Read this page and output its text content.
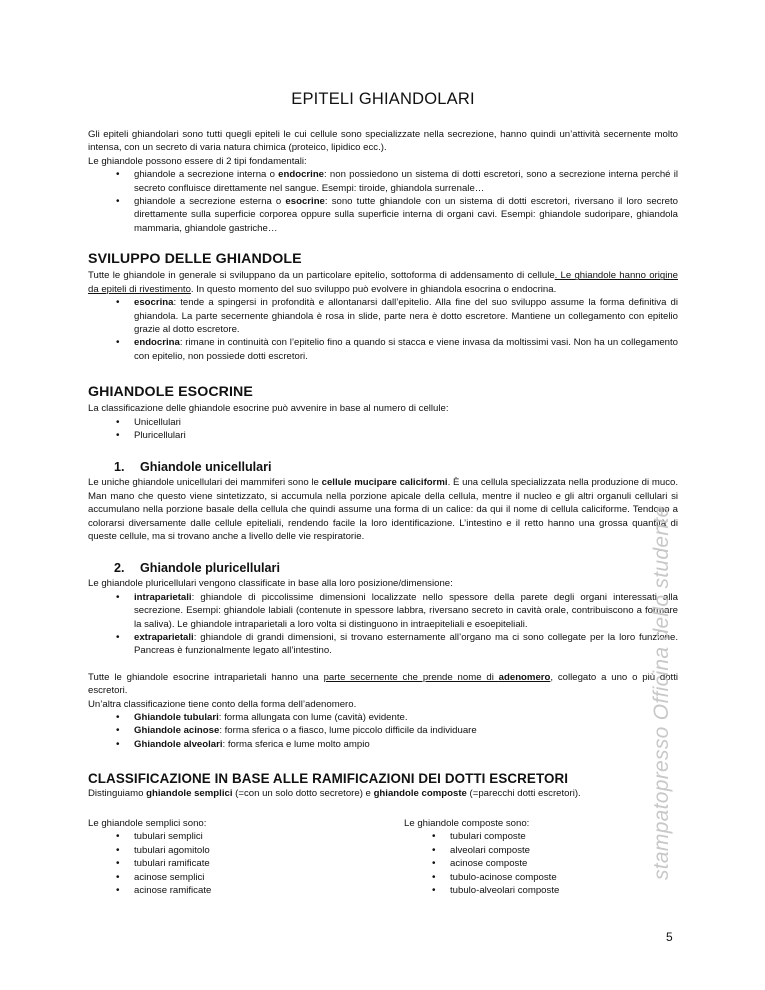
EPITELI GHIANDOLARI

Gli epiteli ghiandolari sono tutti quegli epiteli le cui cellule sono specializzate nella secrezione, hanno quindi un’attività secernente molto intensa, con un secreto di varia natura chimica (proteico, lipidico ecc.).

Le ghiandole possono essere di 2 tipi fondamentali:

• ghiandole a secrezione interna o endocrine: non possiedono un sistema di dotti escretori, sono a secrezione interna perché il secreto confluisce direttamente nel sangue. Esempi: tiroide, ghiandola surrenale…
• ghiandole a secrezione esterna o esocrine: sono tutte ghiandole con un sistema di dotti escretori, riversano il loro secreto direttamente sulla superficie corporea oppure sulla superficie interna di organi cavi. Esempi: ghiandole sudoripare, ghiandola mammaria, ghiandole gastriche…
SVILUPPO DELLE GHIANDOLE

Tutte le ghiandole in generale si sviluppano da un particolare epitelio, sottoforma di addensamento di cellule. Le ghiandole hanno origine da epiteli di rivestimento. In questo momento del suo sviluppo può evolvere in ghiandola esocrina o endocrina.

• esocrina: tende a spingersi in profondità e allontanarsi dall’epitelio. Alla fine del suo sviluppo assume la forma definitiva di ghiandola. La parte secernente ghiandola è rosa in slide, parte nera è dotto escretore. Mantiene un collegamento con epitelio grazie al dotto escretore.
• endocrina: rimane in continuità con l’epitelio fino a quando si stacca e viene invasa da moltissimi vasi. Non ha un collegamento con epitelio, non possiede dotti escretori.
GHIANDOLE ESOCRINE

La classificazione delle ghiandole esocrine può avvenire in base al numero di cellule:

• Unicellulari
• Pluricellulari
1. Ghiandole unicellulari

Le uniche ghiandole unicellulari dei mammiferi sono le cellule mucipare caliciformi. È una cellula specializzata nella produzione di muco. Man mano che questo viene sintetizzato, si accumula nella porzione apicale della cellula, mentre il nucleo e gli altri organuli cellulari si accumulano nella porzione basale della cellula che quindi assume una forma di un calice: da qui il nome di cellula caliciforme. Tendono a colorarsi diversamente dalle cellule epiteliali, rendendo facile la loro identificazione. L’intestino e il retto hanno una grossa quantità di queste cellule, ma si trovano anche a livello delle vie respiratorie.

2. Ghiandole pluricellulari

Le ghiandole pluricellulari vengono classificate in base alla loro posizione/dimensione:

• intraparietali: ghiandole di piccolissime dimensioni localizzate nello spessore della parete degli organi interessati alla secrezione. Esempi: ghiandole labiali (contenute in spessore labbra, riversano secreto in cavità orale, contribuiscono a formare la saliva). Le ghiandole intraparietali a loro volta si distinguono in intraepiteliali e esoepiteliali.
• extraparietali: ghiandole di grandi dimensioni, si trovano esternamente all’organo ma ci sono collegate per la loro funzione. Pancreas è funzionalmente legato all’intestino.

Tutte le ghiandole esocrine intraparietali hanno una parte secernente che prende nome di adenomero, collegato a uno o più dotti escretori.

Un’altra classificazione tiene conto della forma dell’adenomero.

• Ghiandole tubulari: forma allungata con lume (cavità) evidente.
• Ghiandole acinose: forma sferica o a fiasco, lume piccolo difficile da individuare
• Ghiandole alveolari: forma sferica e lume molto ampio
CLASSIFICAZIONE IN BASE ALLE RAMIFICAZIONI DEI DOTTI ESCRETORI

Distinguiamo ghiandole semplici (=con un solo dotto secretore) e ghiandole composte (=parecchi dotti escretori).

Le ghiandole semplici sono:

• tubulari semplici
• tubulari agomitolo
• tubulari ramificate
• acinose semplici
• acinose ramificate

Le ghiandole composte sono:

• tubulari composte
• alveolari composte
• acinose composte
• tubulo-acinose composte
• tubulo-alveolari composte
stampatopresso Officina dello studente
5
